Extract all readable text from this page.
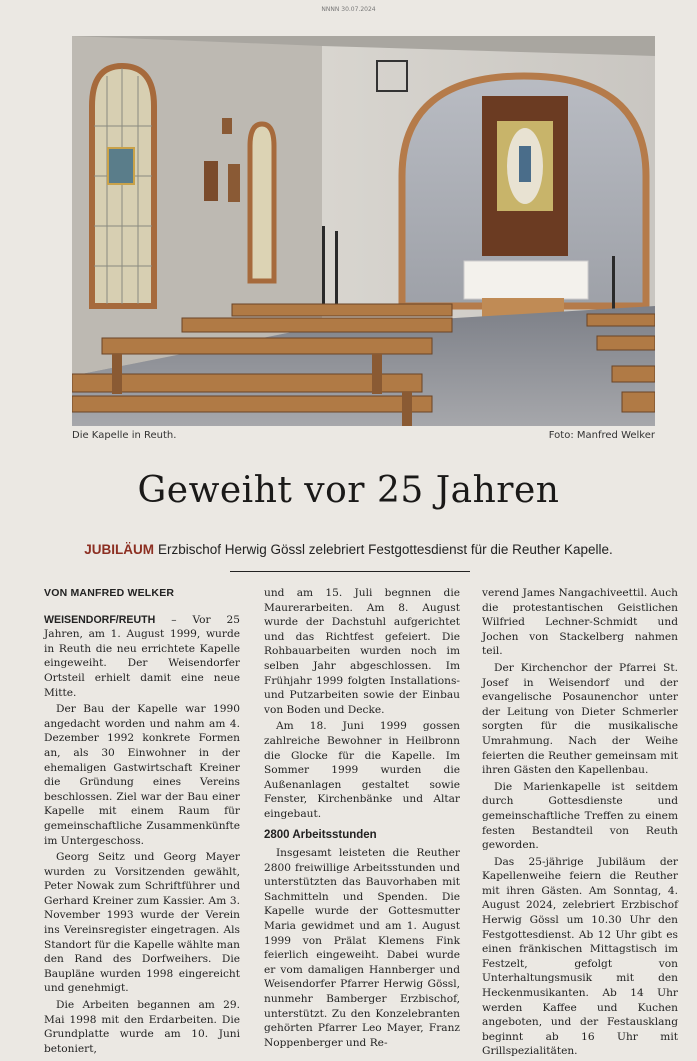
NNNN 30.07.2024
Die Kapelle in Reuth.	Foto: Manfred Welker
Geweiht vor 25 Jahren
JUBILÄUM Erzbischof Herwig Gössl zelebriert Festgottesdienst für die Reuther Kapelle.
VON MANFRED WELKER

WEISENDORF/REUTH – Vor 25 Jahren, am 1. August 1999, wurde in Reuth die neu errichtete Kapelle eingeweiht. Der Weisendorfer Ortsteil erhielt damit eine neue Mitte.

Der Bau der Kapelle war 1990 angedacht worden und nahm am 4. Dezember 1992 konkrete Formen an, als 30 Einwohner in der ehemaligen Gastwirtschaft Kreiner die Gründung eines Vereins beschlossen. Ziel war der Bau einer Kapelle mit einem Raum für gemeinschaftliche Zusammenkünfte im Untergeschoss.

Georg Seitz und Georg Mayer wurden zu Vorsitzenden gewählt, Peter Nowak zum Schriftführer und Gerhard Kreiner zum Kassier. Am 3. November 1993 wurde der Verein ins Vereinsregister eingetragen. Als Standort für die Kapelle wählte man den Rand des Dorfweihers. Die Baupläne wurden 1998 eingereicht und genehmigt.

Die Arbeiten begannen am 29. Mai 1998 mit den Erdarbeiten. Die Grundplatte wurde am 10. Juni betoniert,

und am 15. Juli begnnen die Maurerarbeiten. Am 8. August wurde der Dachstuhl aufgerichtet und das Richtfest gefeiert. Die Rohbauarbeiten wurden noch im selben Jahr abgeschlossen. Im Frühjahr 1999 folgten Installations- und Putzarbeiten sowie der Einbau von Boden und Decke.

Am 18. Juni 1999 gossen zahlreiche Bewohner in Heilbronn die Glocke für die Kapelle. Im Sommer 1999 wurden die Außenanlagen gestaltet sowie Fenster, Kirchenbänke und Altar eingebaut.

2800 Arbeitsstunden

Insgesamt leisteten die Reuther 2800 freiwillige Arbeitsstunden und unterstützten das Bauvorhaben mit Sachmitteln und Spenden. Die Kapelle wurde der Gottesmutter Maria gewidmet und am 1. August 1999 von Prälat Klemens Fink feierlich eingeweiht. Dabei wurde er vom damaligen Hannberger und Weisendorfer Pfarrer Herwig Gössl, nunmehr Bamberger Erzbischof, unterstützt. Zu den Konzelebranten gehörten Pfarrer Leo Mayer, Franz Noppenberger und Re-

verend James Nangachiveettil. Auch die protestantischen Geistlichen Wilfried Lechner-Schmidt und Jochen von Stackelberg nahmen teil.

Der Kirchenchor der Pfarrei St. Josef in Weisendorf und der evangelische Posaunenchor unter der Leitung von Dieter Schmerler sorgten für die musikalische Umrahmung. Nach der Weihe feierten die Reuther gemeinsam mit ihren Gästen den Kapellenbau.

Die Marienkapelle ist seitdem durch Gottesdienste und gemeinschaftliche Treffen zu einem festen Bestandteil von Reuth geworden.

Das 25-jährige Jubiläum der Kapellenweihe feiern die Reuther mit ihren Gästen. Am Sonntag, 4. August 2024, zelebriert Erzbischof Herwig Gössl um 10.30 Uhr den Festgottesdienst. Ab 12 Uhr gibt es einen fränkischen Mittagstisch im Festzelt, gefolgt von Unterhaltungsmusik mit den Heckenmusikanten. Ab 14 Uhr werden Kaffee und Kuchen angeboten, und der Festausklang beginnt ab 16 Uhr mit Grillspezialitäten.
